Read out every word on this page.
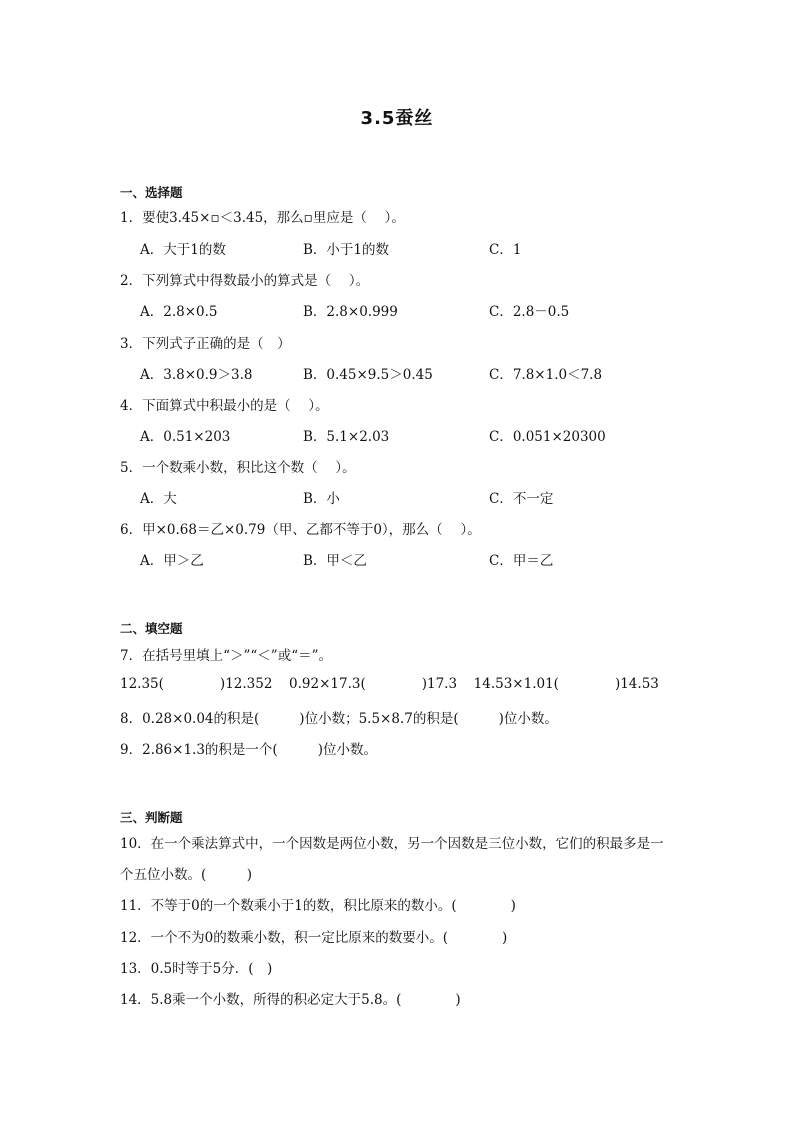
3.5蚕丝
一、选择题
1．要使3.45×▫＜3.45，那么▫里应是（　 ）。
A．大于1的数	B．小于1的数	C．1
2．下列算式中得数最小的算式是（　 ）。
A．2.8×0.5	B．2.8×0.999	C．2.8－0.5
3．下列式子正确的是（　）
A．3.8×0.9＞3.8	B．0.45×9.5＞0.45	C．7.8×1.0＜7.8
4．下面算式中积最小的是（　 ）。
A．0.51×203	B．5.1×2.03	C．0.051×20300
5．一个数乘小数，积比这个数（　 ）。
A．大	B．小	C．不一定
6．甲×0.68＝乙×0.79（甲、乙都不等于0），那么（　 ）。
A．甲＞乙	B．甲＜乙	C．甲＝乙
二、填空题
7．在括号里填上“＞”“＜”或“＝”。
12.35(	)12.352 0.92×17.3(	)17.3 14.53×1.01(	)14.53
8．0.28×0.04的积是(	)位小数；5.5×8.7的积是(	)位小数。
9．2.86×1.3的积是一个(	)位小数。
三、判断题
10．在一个乘法算式中，一个因数是两位小数，另一个因数是三位小数，它们的积最多是一
个五位小数。(　　　)
11．不等于0的一个数乘小于1的数，积比原来的数小。(　　　　)
12．一个不为0的数乘小数，积一定比原来的数要小。(　　　　)
13．0.5时等于5分．(　)
14．5.8乘一个小数，所得的积必定大于5.8。(　　　　)
